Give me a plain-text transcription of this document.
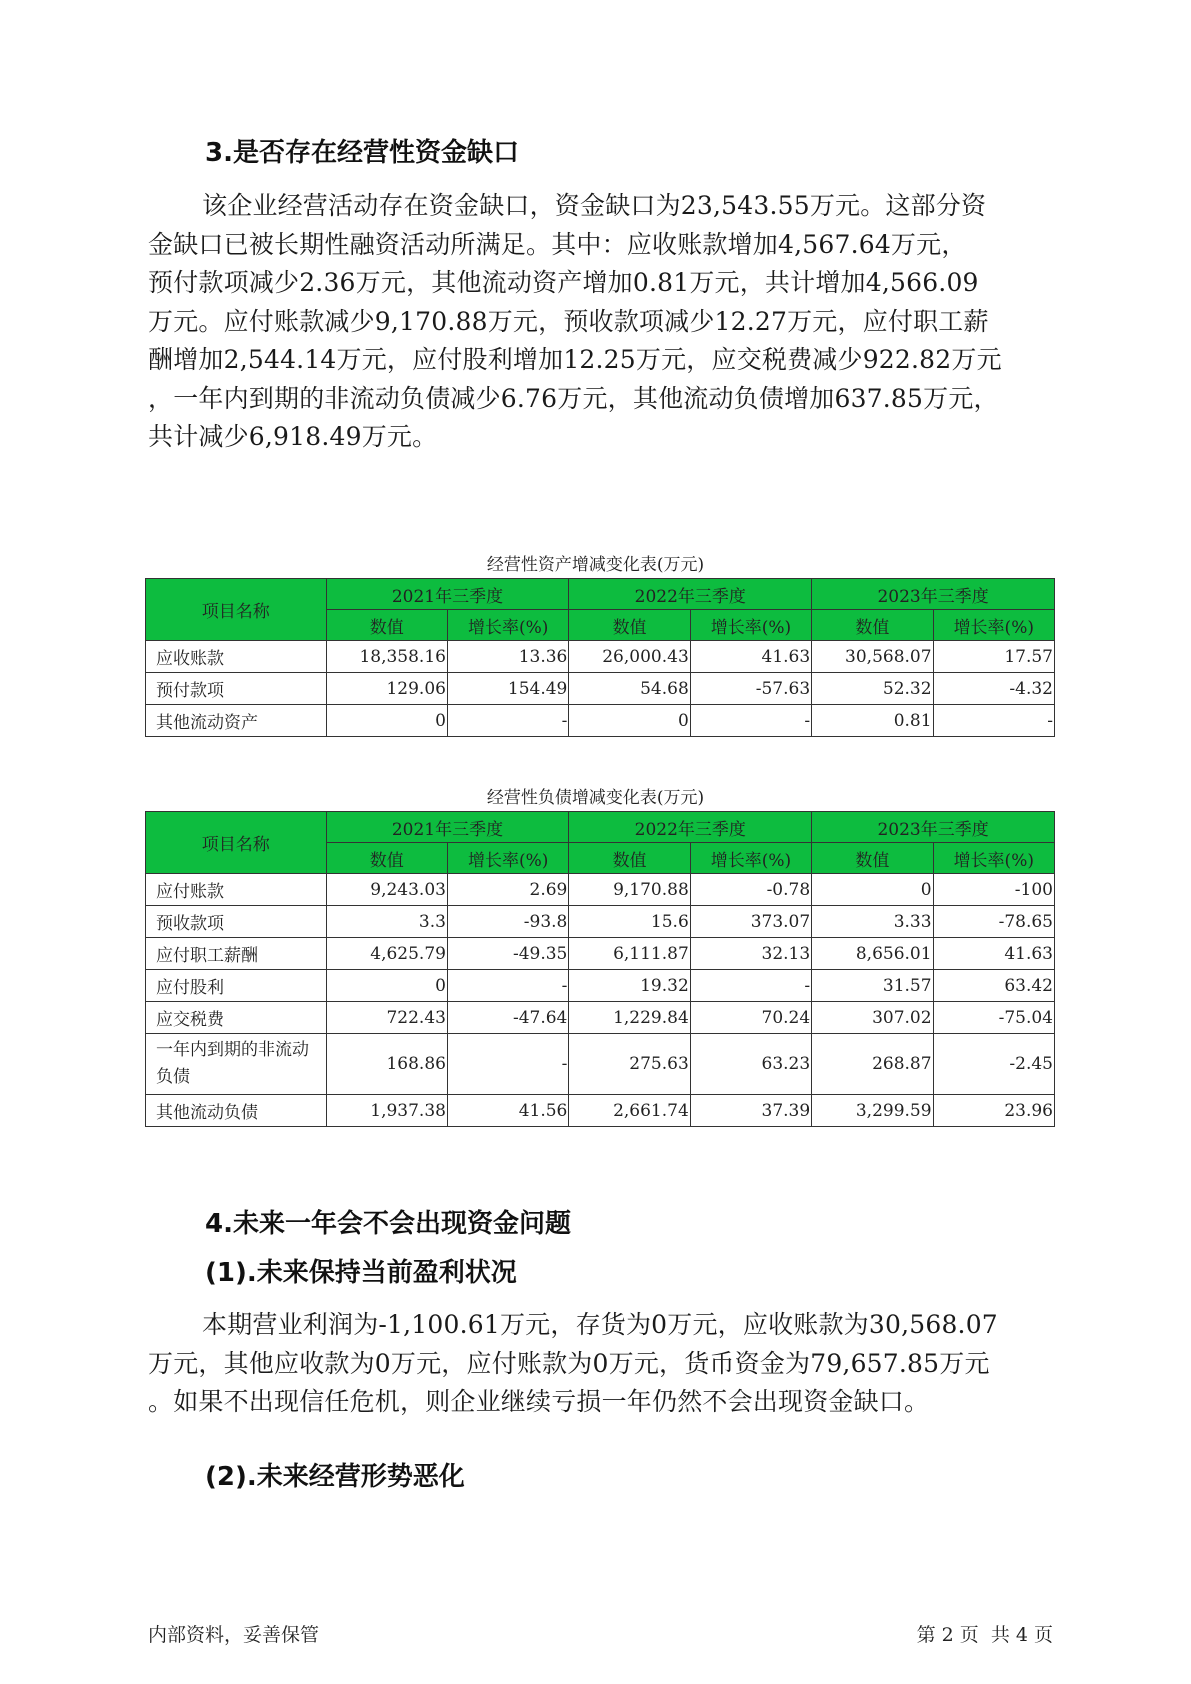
3.是否存在经营性资金缺口
该企业经营活动存在资金缺口，资金缺口为23,543.55万元。这部分资
金缺口已被长期性融资活动所满足。其中：应收账款增加4,567.64万元，
预付款项减少2.36万元，其他流动资产增加0.81万元，共计增加4,566.09
万元。应付账款减少9,170.88万元，预收款项减少12.27万元，应付职工薪
酬增加2,544.14万元，应付股利增加12.25万元，应交税费减少922.82万元
，一年内到期的非流动负债减少6.76万元，其他流动负债增加637.85万元，
共计减少6,918.49万元。
经营性资产增减变化表(万元)
项目名称	2021年三季度		2022年三季度		2023年三季度	
	数值	增长率(%)	数值	增长率(%)	数值	增长率(%)
应收账款	18,358.16	13.36	26,000.43	41.63	30,568.07	17.57
预付款项	129.06	154.49	54.68	-57.63	52.32	-4.32
其他流动资产	0	-	0	-	0.81	-
经营性负债增减变化表(万元)
项目名称	2021年三季度		2022年三季度		2023年三季度	
	数值	增长率(%)	数值	增长率(%)	数值	增长率(%)
应付账款	9,243.03	2.69	9,170.88	-0.78	0	-100
预收款项	3.3	-93.8	15.6	373.07	3.33	-78.65
应付职工薪酬	4,625.79	-49.35	6,111.87	32.13	8,656.01	41.63
应付股利	0	-	19.32	-	31.57	63.42
应交税费	722.43	-47.64	1,229.84	70.24	307.02	-75.04
一年内到期的非流动负债	168.86	-	275.63	63.23	268.87	-2.45
其他流动负债	1,937.38	41.56	2,661.74	37.39	3,299.59	23.96
4.未来一年会不会出现资金问题
(1).未来保持当前盈利状况
本期营业利润为-1,100.61万元，存货为0万元，应收账款为30,568.07
万元，其他应收款为0万元，应付账款为0万元，货币资金为79,657.85万元
。如果不出现信任危机，则企业继续亏损一年仍然不会出现资金缺口。
(2).未来经营形势恶化
内部资料，妥善保管	第 2 页  共 4 页
